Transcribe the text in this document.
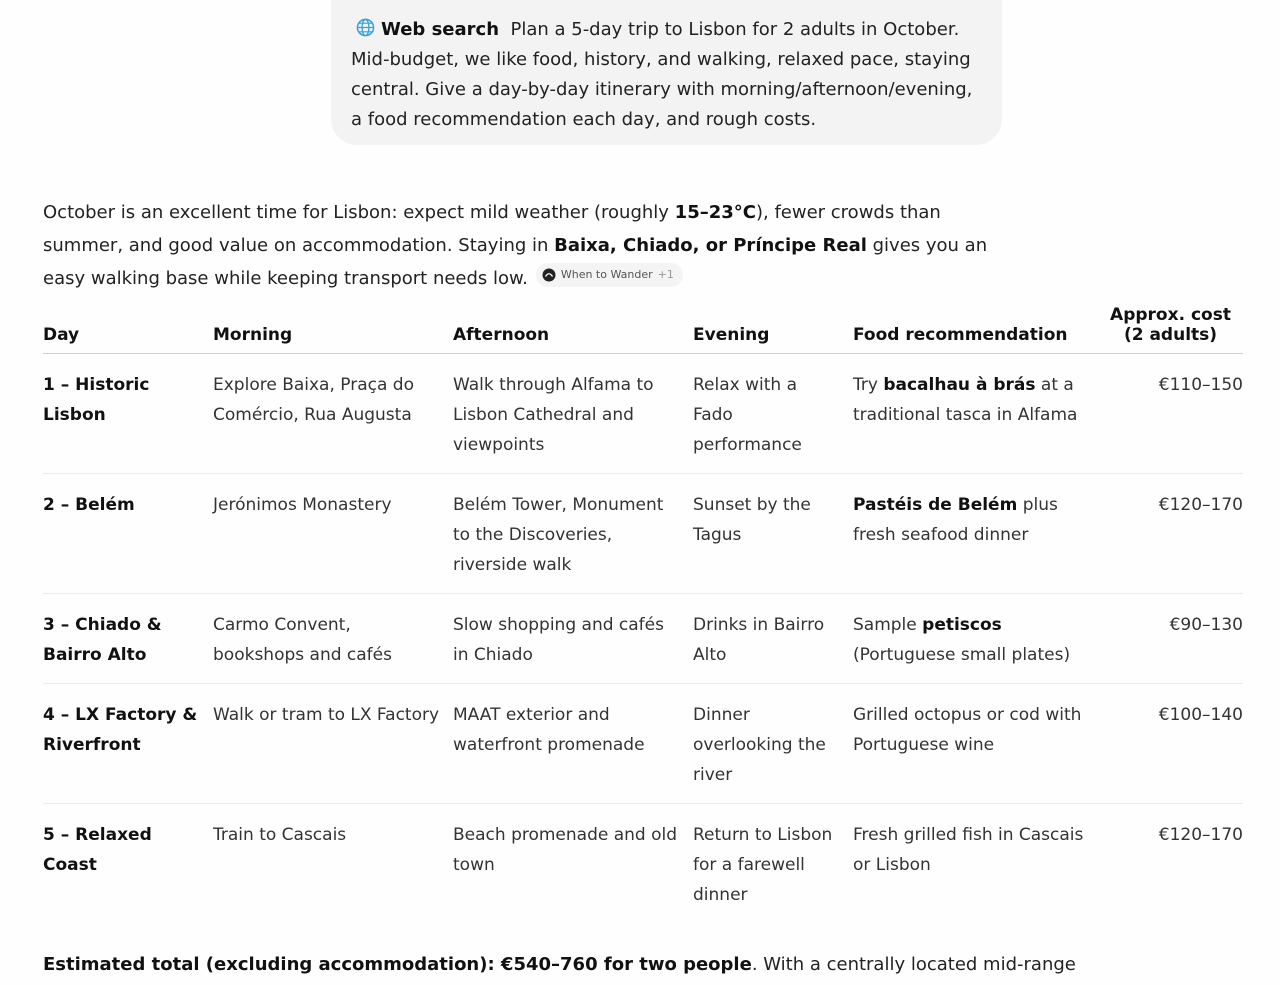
Web search Plan a 5-day trip to Lisbon for 2 adults in October. Mid-budget, we like food, history, and walking, relaxed pace, staying central. Give a day-by-day itinerary with morning/afternoon/evening, a food recommendation each day, and rough costs.

October is an excellent time for Lisbon: expect mild weather (roughly 15–23°C), fewer crowds than summer, and good value on accommodation. Staying in Baixa, Chiado, or Príncipe Real gives you an easy walking base while keeping transport needs low.	When to Wander +1

Day	Morning	Afternoon	Evening	Food recommendation	Approx. cost
(2 adults)

1 – Historic Lisbon	Explore Baixa, Praça do Comércio, Rua Augusta	Walk through Alfama to Lisbon Cathedral and viewpoints	Relax with a Fado performance	Try bacalhau à brás at a traditional tasca in Alfama	€110–150
2 – Belém	Jerónimos Monastery	Belém Tower, Monument to the Discoveries, riverside walk	Sunset by the Tagus	Pastéis de Belém plus fresh seafood dinner	€120–170
3 – Chiado & Bairro Alto	Carmo Convent, bookshops and cafés	Slow shopping and cafés in Chiado	Drinks in Bairro Alto	Sample petiscos (Portuguese small plates)	€90–130
4 – LX Factory & Riverfront	Walk or tram to LX Factory	MAAT exterior and waterfront promenade	Dinner overlooking the river	Grilled octopus or cod with Portuguese wine	€100–140
5 – Relaxed Coast	Train to Cascais	Beach promenade and old town	Return to Lisbon for a farewell dinner	Fresh grilled fish in Cascais or Lisbon	€120–170

Estimated total (excluding accommodation): €540–760 for two people. With a centrally located mid-range
